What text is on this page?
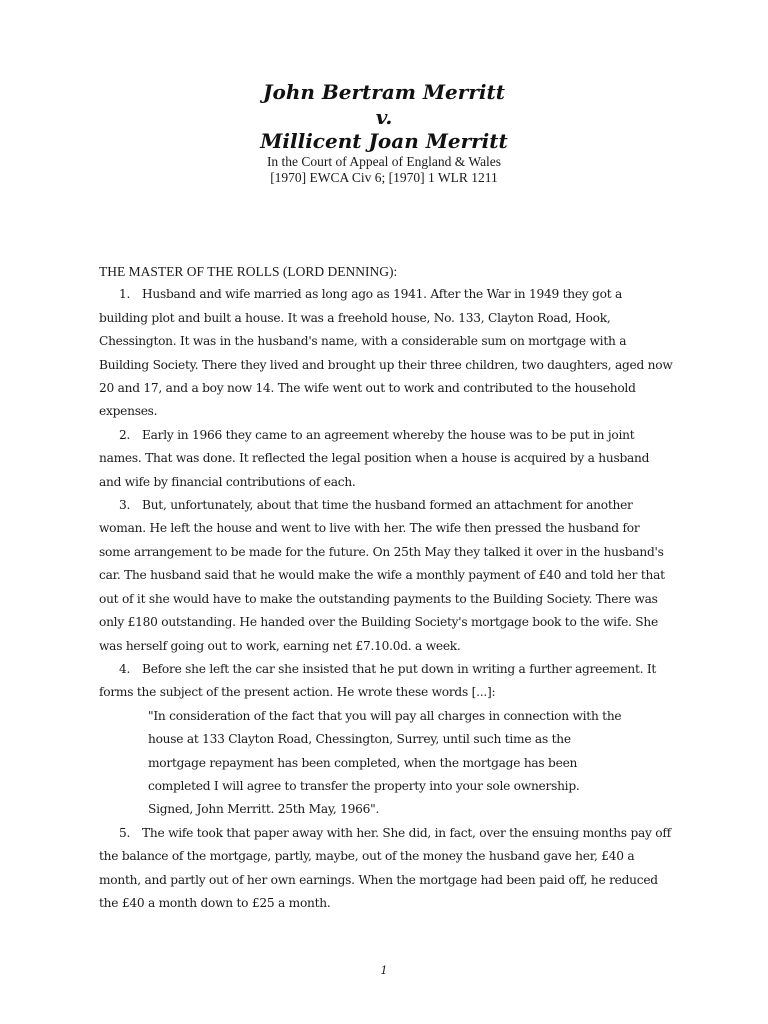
John Bertram Merritt
v.
Millicent Joan Merritt
In the Court of Appeal of England & Wales
[1970] EWCA Civ 6; [1970] 1 WLR 1211

THE MASTER OF THE ROLLS (LORD DENNING):

1. Husband and wife married as long ago as 1941. After the War in 1949 they got a building plot and built a house. It was a freehold house, No. 133, Clayton Road, Hook, Chessington. It was in the husband's name, with a considerable sum on mortgage with a Building Society. There they lived and brought up their three children, two daughters, aged now 20 and 17, and a boy now 14. The wife went out to work and contributed to the household expenses.

2. Early in 1966 they came to an agreement whereby the house was to be put in joint names. That was done. It reflected the legal position when a house is acquired by a husband and wife by financial contributions of each.

3. But, unfortunately, about that time the husband formed an attachment for another woman. He left the house and went to live with her. The wife then pressed the husband for some arrangement to be made for the future. On 25th May they talked it over in the husband's car. The husband said that he would make the wife a monthly payment of £40 and told her that out of it she would have to make the outstanding payments to the Building Society. There was only £180 outstanding. He handed over the Building Society's mortgage book to the wife. She was herself going out to work, earning net £7.10.0d. a week.

4. Before she left the car she insisted that he put down in writing a further agreement. It forms the subject of the present action. He wrote these words [...]:

"In consideration of the fact that you will pay all charges in connection with the
house at 133 Clayton Road, Chessington, Surrey, until such time as the
mortgage repayment has been completed, when the mortgage has been
completed I will agree to transfer the property into your sole ownership.
Signed, John Merritt. 25th May, 1966".

5. The wife took that paper away with her. She did, in fact, over the ensuing months pay off the balance of the mortgage, partly, maybe, out of the money the husband gave her, £40 a month, and partly out of her own earnings. When the mortgage had been paid off, he reduced the £40 a month down to £25 a month.

1
